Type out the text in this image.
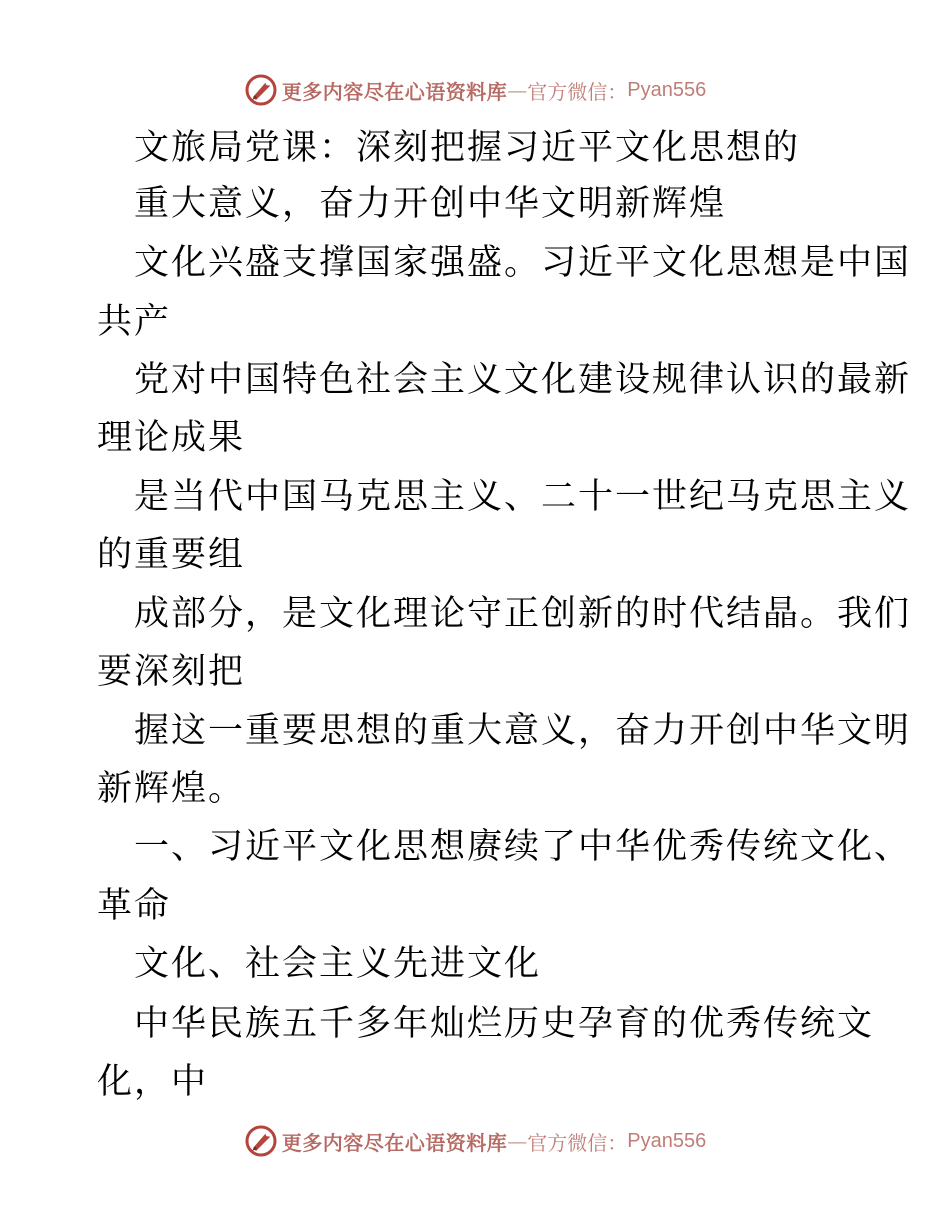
更多内容尽在心语资料库 — 官方微信： Pyan556
　文旅局党课：深刻把握习近平文化思想的
　重大意义，奋力开创中华文明新辉煌
　文化兴盛支撑国家强盛。习近平文化思想是中国
共产
　党对中国特色社会主义文化建设规律认识的最新
理论成果
　是当代中国马克思主义、二十一世纪马克思主义
的重要组
　成部分，是文化理论守正创新的时代结晶。我们
要深刻把
　握这一重要思想的重大意义，奋力开创中华文明
新辉煌。
　一、习近平文化思想赓续了中华优秀传统文化、
革命
　文化、社会主义先进文化
　中华民族五千多年灿烂历史孕育的优秀传统文
化，中
更多内容尽在心语资料库 — 官方微信： Pyan556
